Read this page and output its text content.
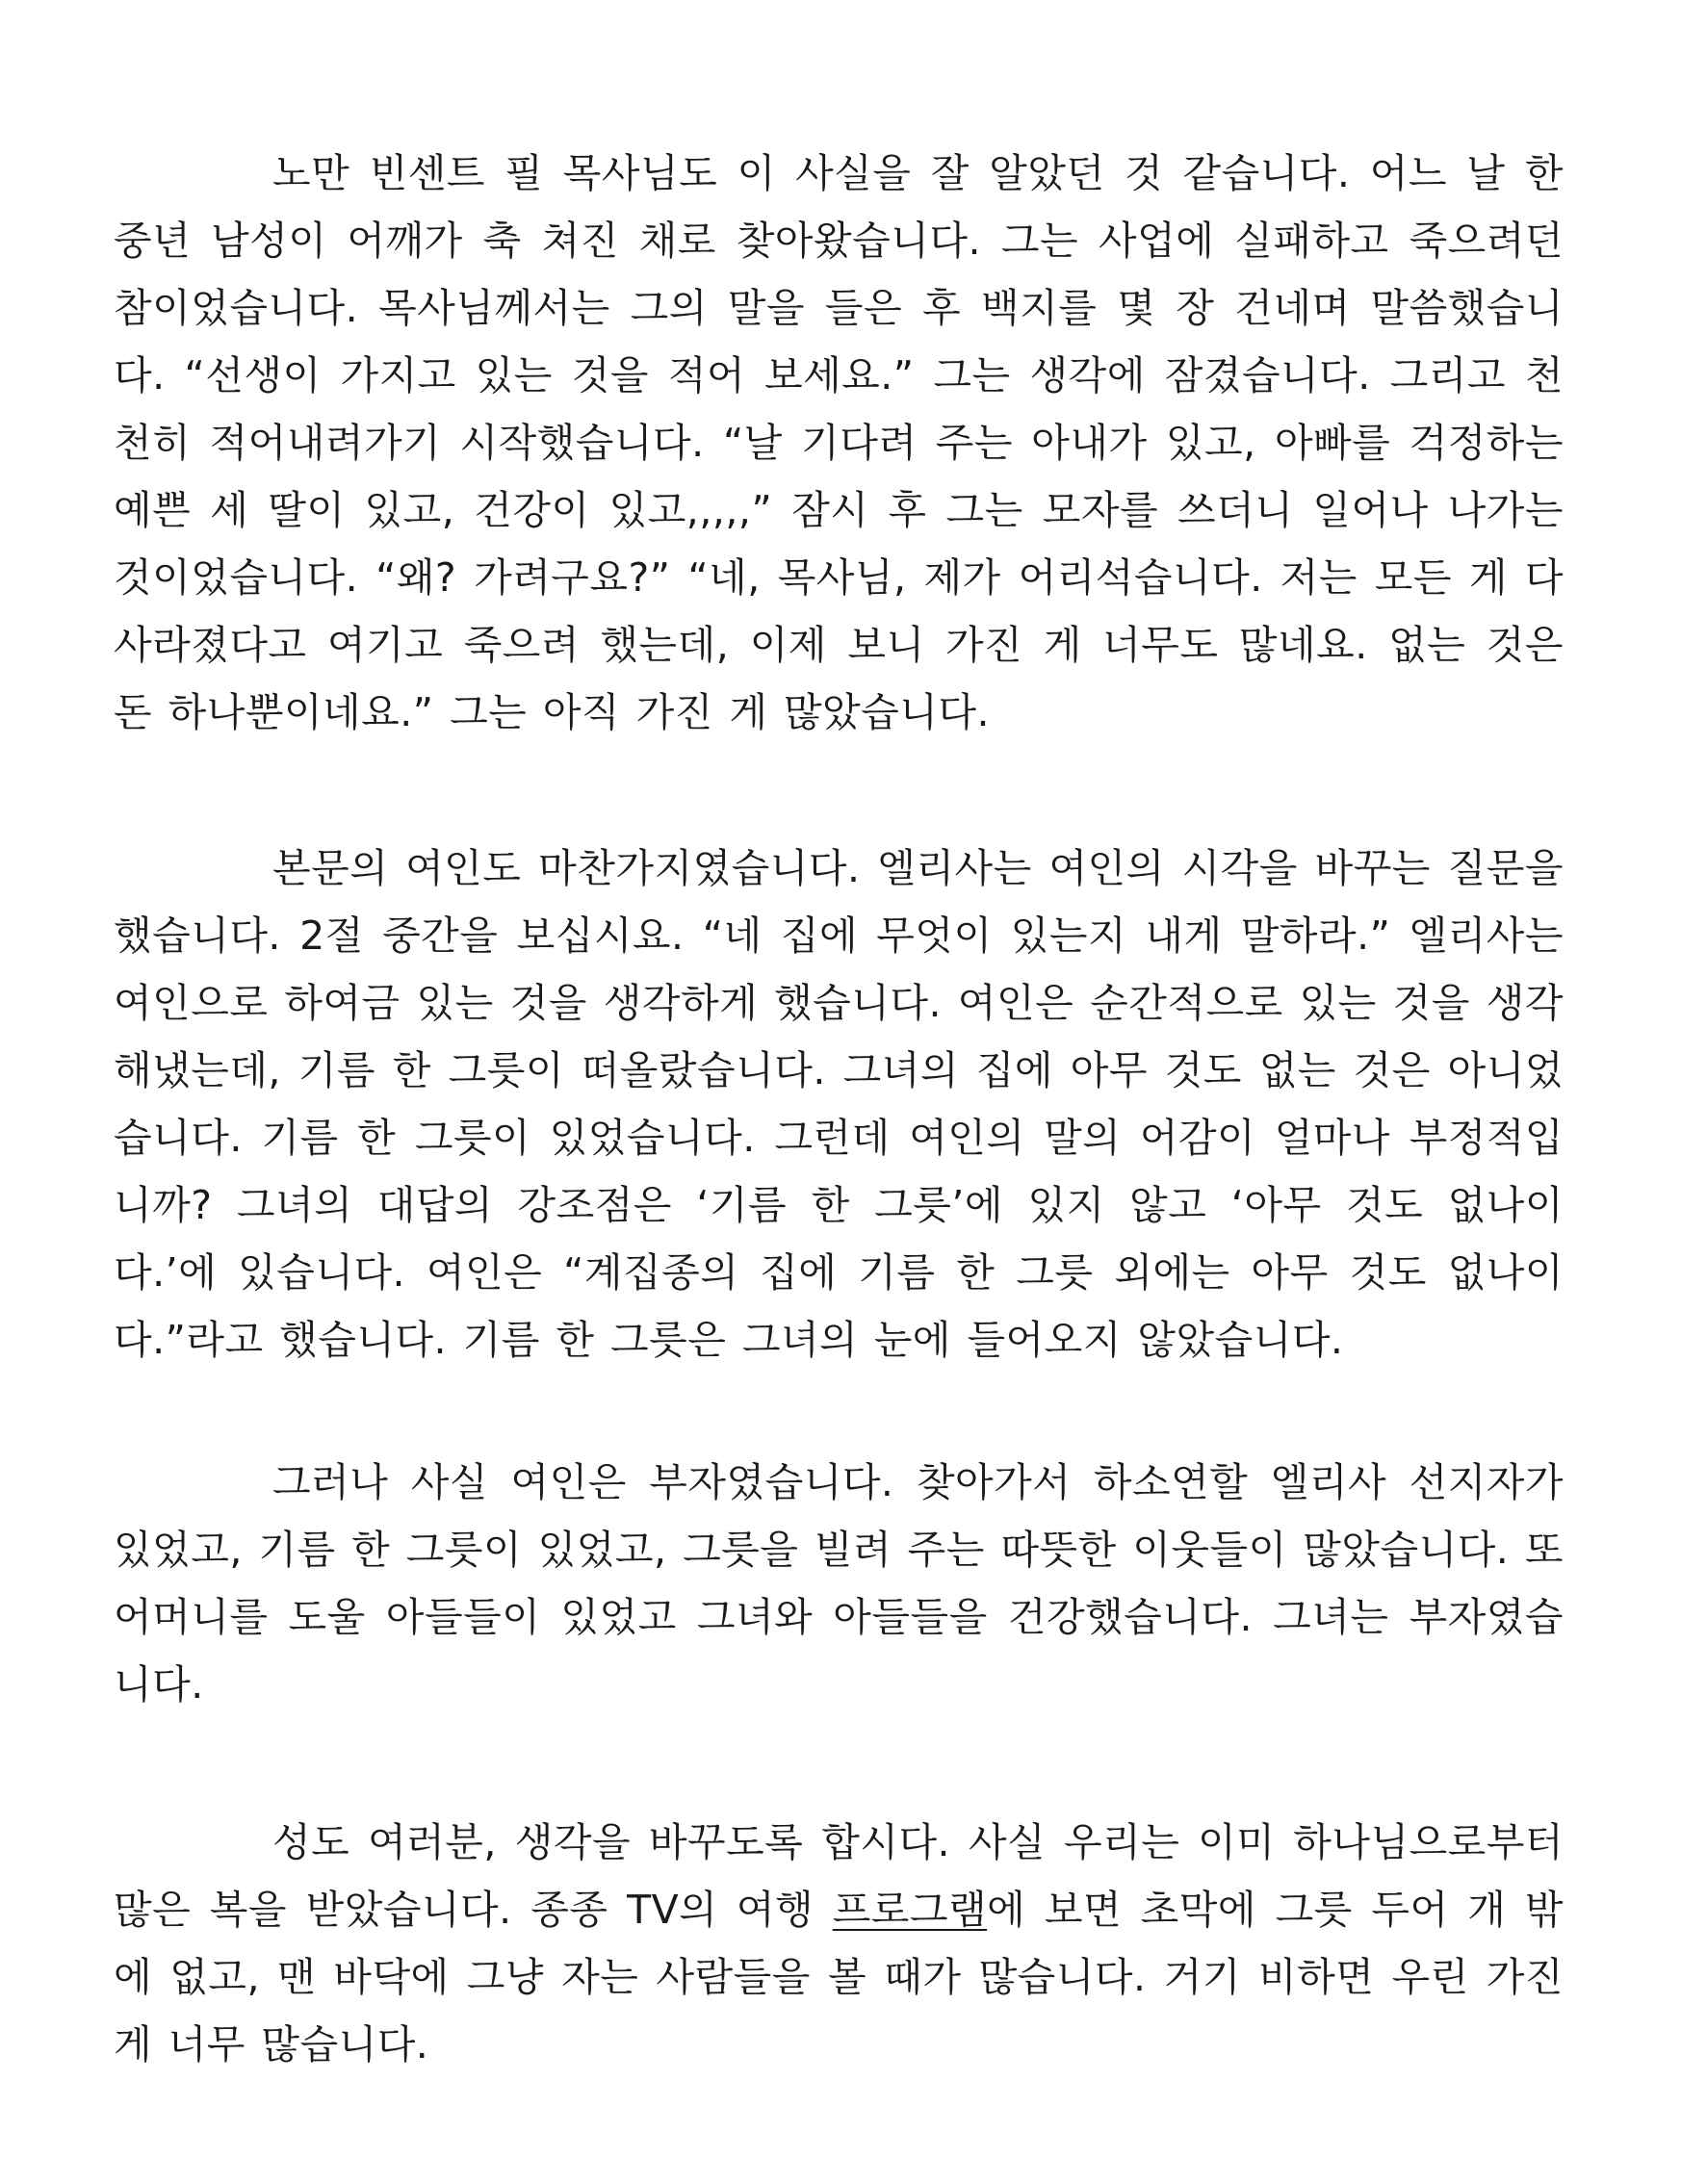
노만 빈센트 필 목사님도 이 사실을 잘 알았던 것 같습니다. 어느 날 한 중년 남성이 어깨가 축 쳐진 채로 찾아왔습니다. 그는 사업에 실패하고 죽으려던 참이었습니다. 목사님께서는 그의 말을 들은 후 백지를 몇 장 건네며 말씀했습니다. “선생이 가지고 있는 것을 적어 보세요.” 그는 생각에 잠겼습니다. 그리고 천천히 적어내려가기 시작했습니다. “날 기다려 주는 아내가 있고, 아빠를 걱정하는 예쁜 세 딸이 있고, 건강이 있고,,,,,” 잠시 후 그는 모자를 쓰더니 일어나 나가는 것이었습니다. “왜? 가려구요?” “네, 목사님, 제가 어리석습니다. 저는 모든 게 다 사라졌다고 여기고 죽으려 했는데, 이제 보니 가진 게 너무도 많네요. 없는 것은 돈 하나뿐이네요.” 그는 아직 가진 게 많았습니다.

본문의 여인도 마찬가지였습니다. 엘리사는 여인의 시각을 바꾸는 질문을 했습니다. 2절 중간을 보십시요. “네 집에 무엇이 있는지 내게 말하라.” 엘리사는 여인으로 하여금 있는 것을 생각하게 했습니다. 여인은 순간적으로 있는 것을 생각해냈는데, 기름 한 그릇이 떠올랐습니다. 그녀의 집에 아무 것도 없는 것은 아니었습니다. 기름 한 그릇이 있었습니다. 그런데 여인의 말의 어감이 얼마나 부정적입니까? 그녀의 대답의 강조점은 ‘기름 한 그릇’에 있지 않고 ‘아무 것도 없나이다.’에 있습니다. 여인은 “계집종의 집에 기름 한 그릇 외에는 아무 것도 없나이다.”라고 했습니다. 기름 한 그릇은 그녀의 눈에 들어오지 않았습니다.

그러나 사실 여인은 부자였습니다. 찾아가서 하소연할 엘리사 선지자가 있었고, 기름 한 그릇이 있었고, 그릇을 빌려 주는 따뜻한 이웃들이 많았습니다. 또 어머니를 도울 아들들이 있었고 그녀와 아들들을 건강했습니다. 그녀는 부자였습니다.

성도 여러분, 생각을 바꾸도록 합시다. 사실 우리는 이미 하나님으로부터 많은 복을 받았습니다. 종종 TV의 여행 프로그램에 보면 초막에 그릇 두어 개 밖에 없고, 맨 바닥에 그냥 자는 사람들을 볼 때가 많습니다. 거기 비하면 우린 가진 게 너무 많습니다.
